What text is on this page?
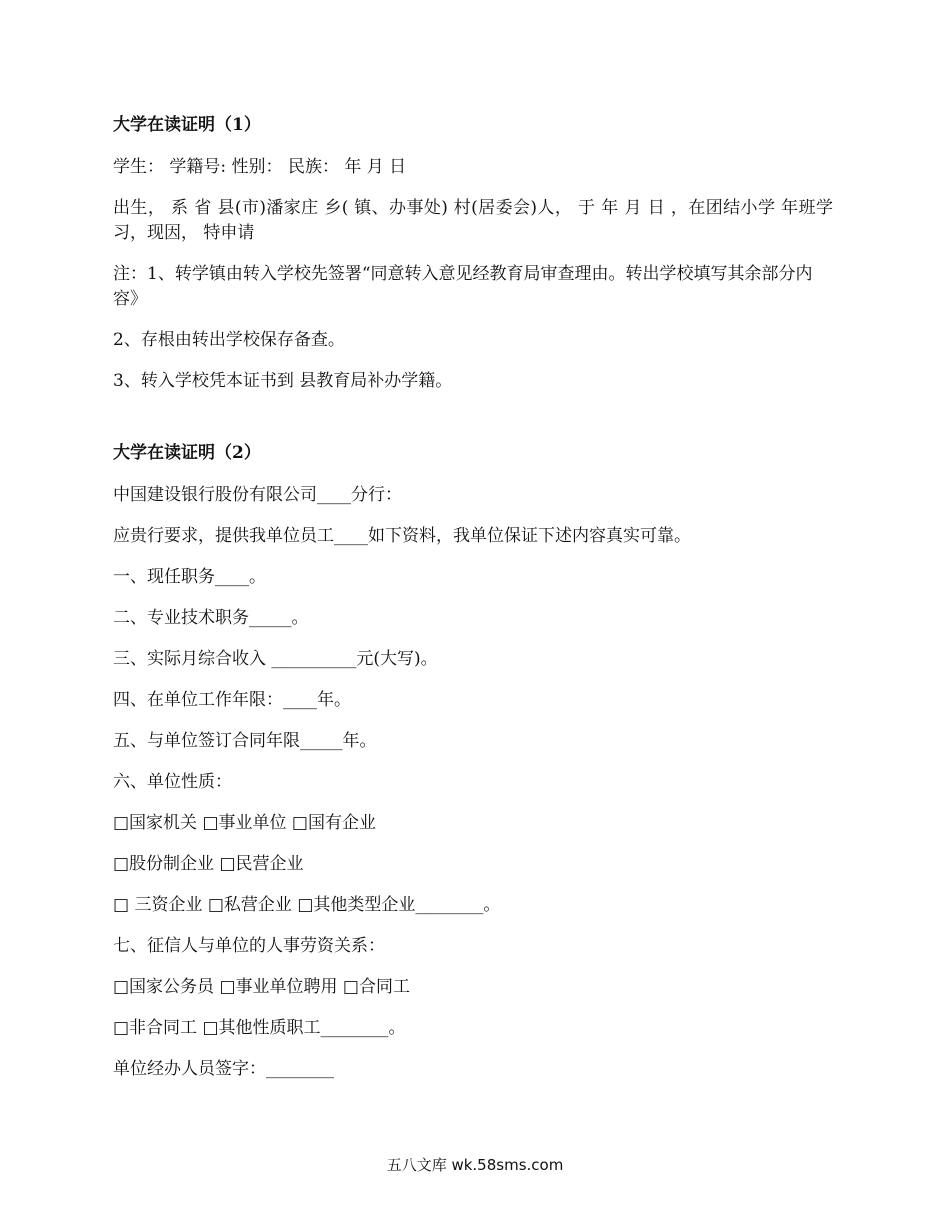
大学在读证明（1）
学生： 学籍号: 性别： 民族： 年 月 日
出生， 系 省 县(市)潘家庄 乡( 镇、办事处) 村(居委会)人， 于 年 月 日 ，在团结小学 年班学习，现因， 特申请
注：1、转学镇由转入学校先签署“同意转入意见经教育局审查理由。转出学校填写其余部分内容》
2、存根由转出学校保存备查。
3、转入学校凭本证书到 县教育局补办学籍。
大学在读证明（2）
中国建设银行股份有限公司____分行：
应贵行要求，提供我单位员工____如下资料，我单位保证下述内容真实可靠。
一、现任职务____。
二、专业技术职务_____。
三、实际月综合收入 __________元(大写)。
四、在单位工作年限：____年。
五、与单位签订合同年限_____年。
六、单位性质：
□国家机关 □事业单位 □国有企业
□股份制企业 □民营企业
□ 三资企业 □私营企业 □其他类型企业________。
七、征信人与单位的人事劳资关系：
□国家公务员 □事业单位聘用 □合同工
□非合同工 □其他性质职工________。
单位经办人员签字：________
五八文库 wk.58sms.com
